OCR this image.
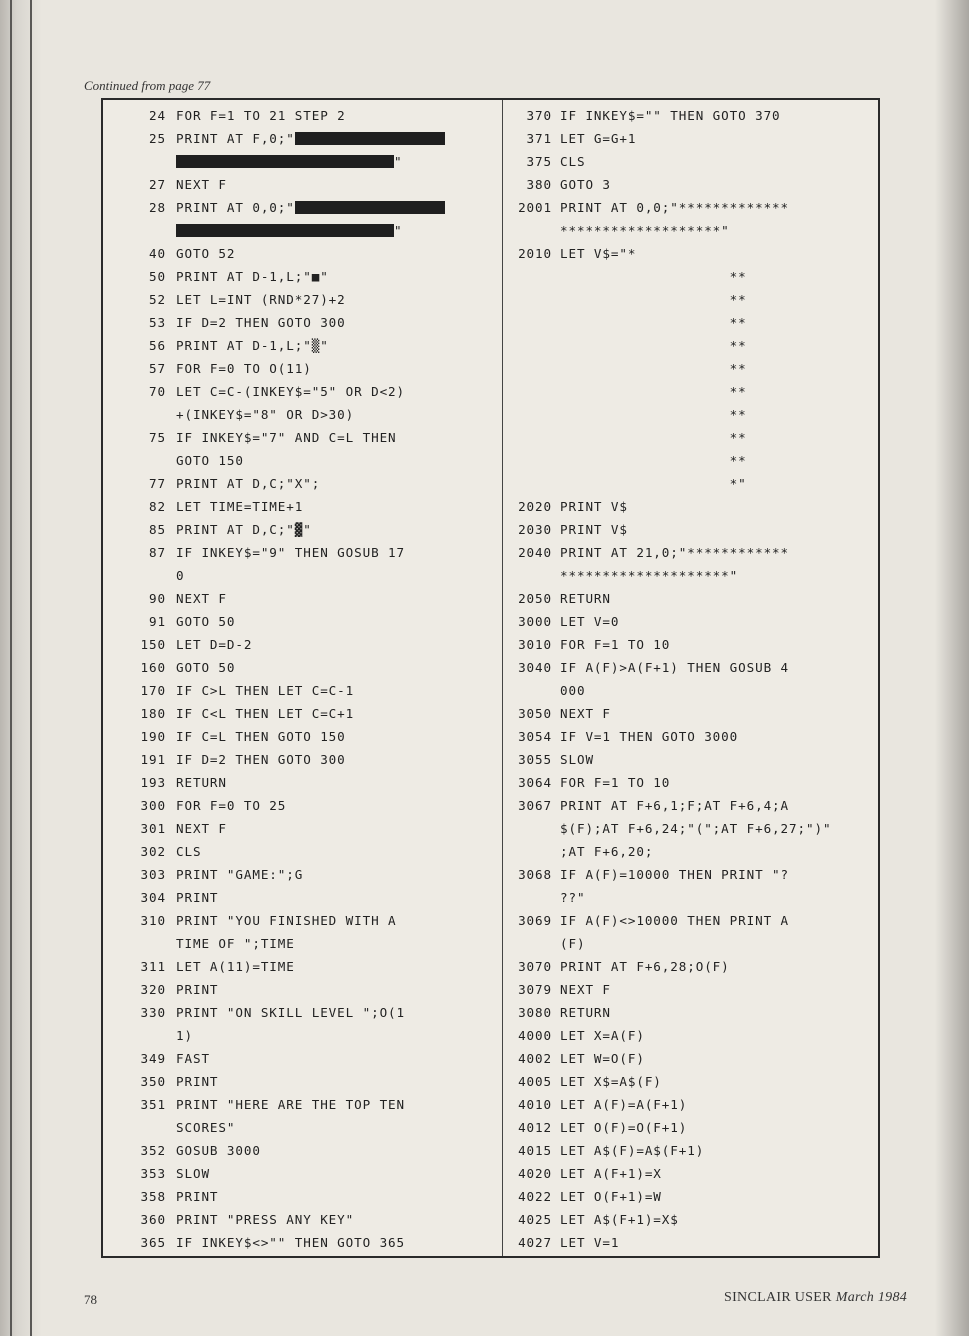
Continued from page 77
24 FOR F=1 TO 21 STEP 2
25 PRINT AT F,0;"
"
27 NEXT F
28 PRINT AT 0,0;"
"
40 GOTO 52
50 PRINT AT D-1,L;"■"
52 LET L=INT (RND*27)+2
53 IF D=2 THEN GOTO 300
56 PRINT AT D-1,L;"▒"
57 FOR F=0 TO O(11)
70 LET C=C-(INKEY$="5" OR D<2)
+(INKEY$="8" OR D>30)
75 IF INKEY$="7" AND C=L THEN
GOTO 150
77 PRINT AT D,C;"X";
82 LET TIME=TIME+1
85 PRINT AT D,C;"▓"
87 IF INKEY$="9" THEN GOSUB 17
0
90 NEXT F
91 GOTO 50
150 LET D=D-2
160 GOTO 50
170 IF C>L THEN LET C=C-1
180 IF C<L THEN LET C=C+1
190 IF C=L THEN GOTO 150
191 IF D=2 THEN GOTO 300
193 RETURN
300 FOR F=0 TO 25
301 NEXT F
302 CLS
303 PRINT "GAME:";G
304 PRINT
310 PRINT "YOU FINISHED WITH A
TIME OF ";TIME
311 LET A(11)=TIME
320 PRINT
330 PRINT "ON SKILL LEVEL ";O(1
1)
349 FAST
350 PRINT
351 PRINT "HERE ARE THE TOP TEN
SCORES"
352 GOSUB 3000
353 SLOW
358 PRINT
360 PRINT "PRESS ANY KEY"
365 IF INKEY$<>"" THEN GOTO 365
370 IF INKEY$="" THEN GOTO 370
371 LET G=G+1
375 CLS
380 GOTO 3
2001 PRINT AT 0,0;"*************
*******************"
2010 LET V$="*
**
**
**
**
**
**
**
**
**
*"
2020 PRINT V$
2030 PRINT V$
2040 PRINT AT 21,0;"************
********************"
2050 RETURN
3000 LET V=0
3010 FOR F=1 TO 10
3040 IF A(F)>A(F+1) THEN GOSUB 4
000
3050 NEXT F
3054 IF V=1 THEN GOTO 3000
3055 SLOW
3064 FOR F=1 TO 10
3067 PRINT AT F+6,1;F;AT F+6,4;A
$(F);AT F+6,24;"(";AT F+6,27;")"
;AT F+6,20;
3068 IF A(F)=10000 THEN PRINT "?
??"
3069 IF A(F)<>10000 THEN PRINT A
(F)
3070 PRINT AT F+6,28;O(F)
3079 NEXT F
3080 RETURN
4000 LET X=A(F)
4002 LET W=O(F)
4005 LET X$=A$(F)
4010 LET A(F)=A(F+1)
4012 LET O(F)=O(F+1)
4015 LET A$(F)=A$(F+1)
4020 LET A(F+1)=X
4022 LET O(F+1)=W
4025 LET A$(F+1)=X$
4027 LET V=1
78	SINCLAIR USER March 1984
